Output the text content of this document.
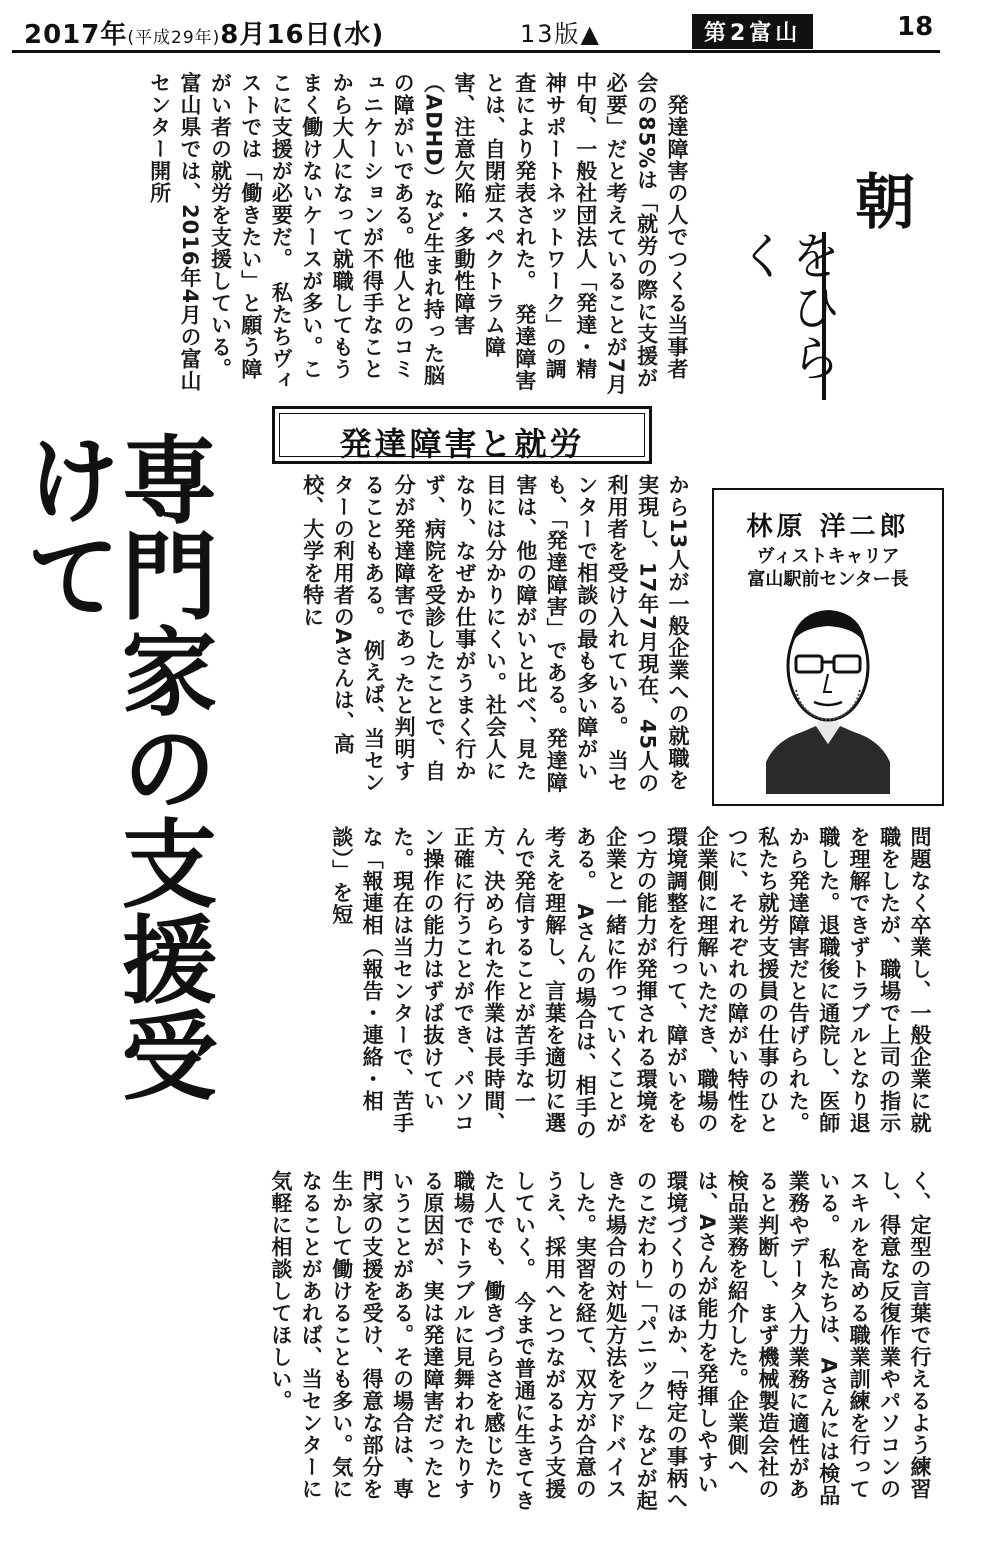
2017年(平成29年)8月16日(水)	13版▲	第2富山	18
朝
をひらく
発達障害と就労
専門家の支援受けて	林原 洋二郎
ヴィストキャリア
富山駅前センター長
　発達障害の人でつくる当事者会の85%は「就労の際に支援が必要」だと考えていることが7月中旬、一般社団法人「発達・精神サポートネットワーク」の調査により発表された。　発達障害とは、自閉症スペクトラム障害、注意欠陥・多動性障害（ADHD）など生まれ持った脳の障がいである。他人とのコミュニケーションが不得手なことから大人になって就職してもうまく働けないケースが多い。ここに支援が必要だ。　私たちヴィストでは「働きたい」と願う障がい者の就労を支援している。富山県では、2016年4月の富山センター開所
から13人が一般企業への就職を実現し、17年7月現在、45人の利用者を受け入れている。　当センターで相談の最も多い障がいも、「発達障害」である。発達障害は、他の障がいと比べ、見た目には分かりにくい。社会人になり、なぜか仕事がうまく行かず、病院を受診したことで、自分が発達障害であったと判明することもある。　例えば、当センターの利用者のAさんは、高校、大学を特に
問題なく卒業し、一般企業に就職をしたが、職場で上司の指示を理解できずトラブルとなり退職した。退職後に通院し、医師から発達障害だと告げられた。　私たち就労支援員の仕事のひとつに、それぞれの障がい特性を企業側に理解いただき、職場の環境調整を行って、障がいをもつ方の能力が発揮される環境を企業と一緒に作っていくことがある。　Aさんの場合は、相手の考えを理解し、言葉を適切に選んで発信することが苦手な一方、決められた作業は長時間、正確に行うことができ、パソコン操作の能力はずば抜けていた。現在は当センターで、苦手な「報連相（報告・連絡・相談）」を短
く、定型の言葉で行えるよう練習し、得意な反復作業やパソコンのスキルを高める職業訓練を行っている。　私たちは、Aさんには検品業務やデータ入力業務に適性があると判断し、まず機械製造会社の検品業務を紹介した。企業側へは、Aさんが能力を発揮しやすい環境づくりのほか、「特定の事柄へのこだわり」「パニック」などが起きた場合の対処方法をアドバイスした。実習を経て、双方が合意のうえ、採用へとつながるよう支援していく。　今まで普通に生きてきた人でも、働きづらさを感じたり職場でトラブルに見舞われたりする原因が、実は発達障害だったということがある。その場合は、専門家の支援を受け、得意な部分を生かして働けることも多い。気になることがあれば、当センターに気軽に相談してほしい。
